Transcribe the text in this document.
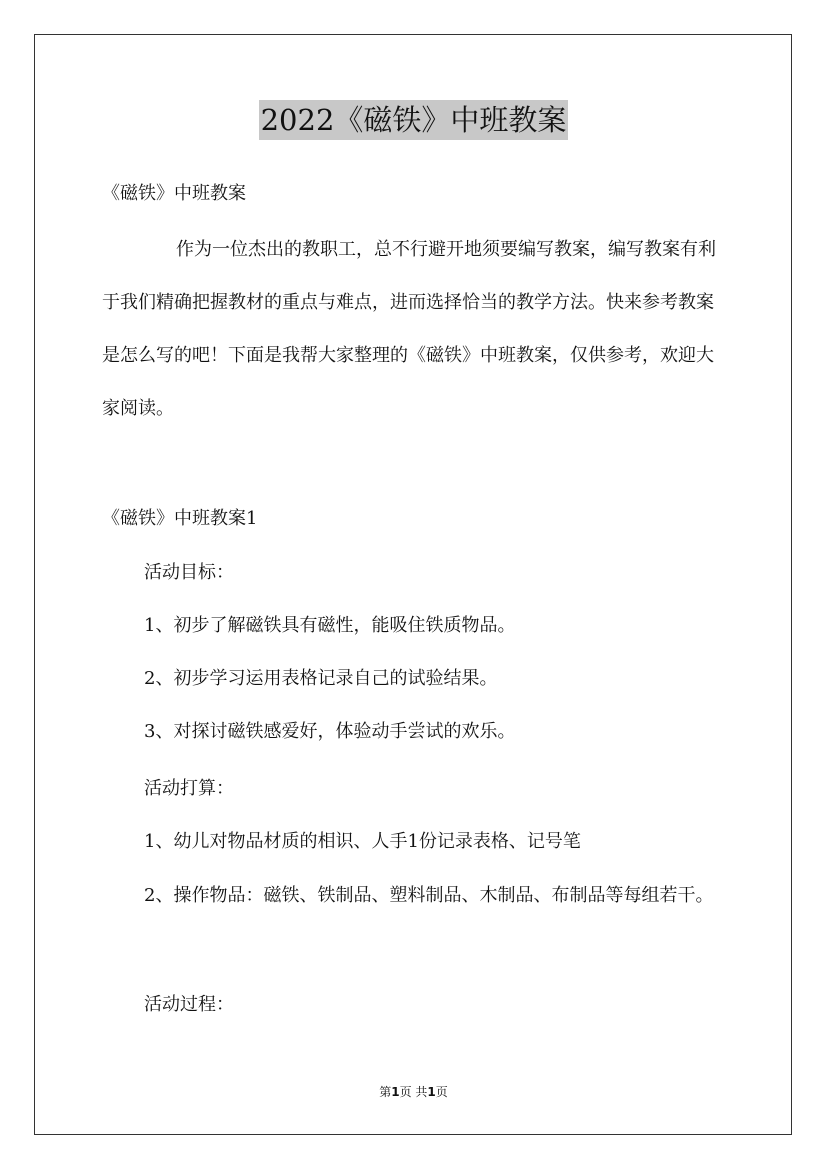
2022《磁铁》中班教案
《磁铁》中班教案
作为一位杰出的教职工，总不行避开地须要编写教案，编写教案有利于我们精确把握教材的重点与难点，进而选择恰当的教学方法。快来参考教案是怎么写的吧！下面是我帮大家整理的《磁铁》中班教案，仅供参考，欢迎大家阅读。
《磁铁》中班教案1
活动目标：
1、初步了解磁铁具有磁性，能吸住铁质物品。
2、初步学习运用表格记录自己的试验结果。
3、对探讨磁铁感爱好，体验动手尝试的欢乐。
活动打算：
1、幼儿对物品材质的相识、人手1份记录表格、记号笔
2、操作物品：磁铁、铁制品、塑料制品、木制品、布制品等每组若干。
活动过程：
第1页 共1页
